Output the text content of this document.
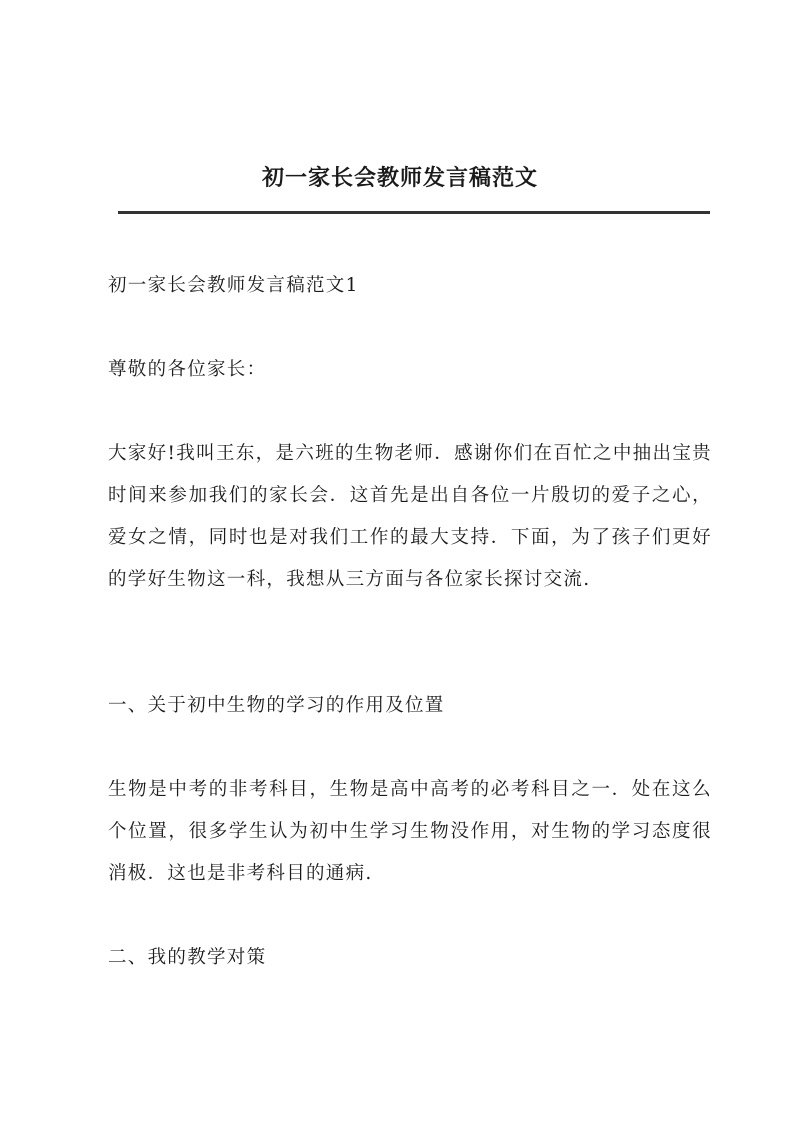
初一家长会教师发言稿范文

初一家长会教师发言稿范文1

尊敬的各位家长：

大家好!我叫王东，是六班的生物老师．感谢你们在百忙之中抽出宝贵时间来参加我们的家长会．这首先是出自各位一片殷切的爱子之心，爱女之情，同时也是对我们工作的最大支持．下面，为了孩子们更好的学好生物这一科，我想从三方面与各位家长探讨交流.

一、关于初中生物的学习的作用及位置

生物是中考的非考科目，生物是高中高考的必考科目之一．处在这么个位置，很多学生认为初中生学习生物没作用，对生物的学习态度很消极．这也是非考科目的通病.

二、我的教学对策
